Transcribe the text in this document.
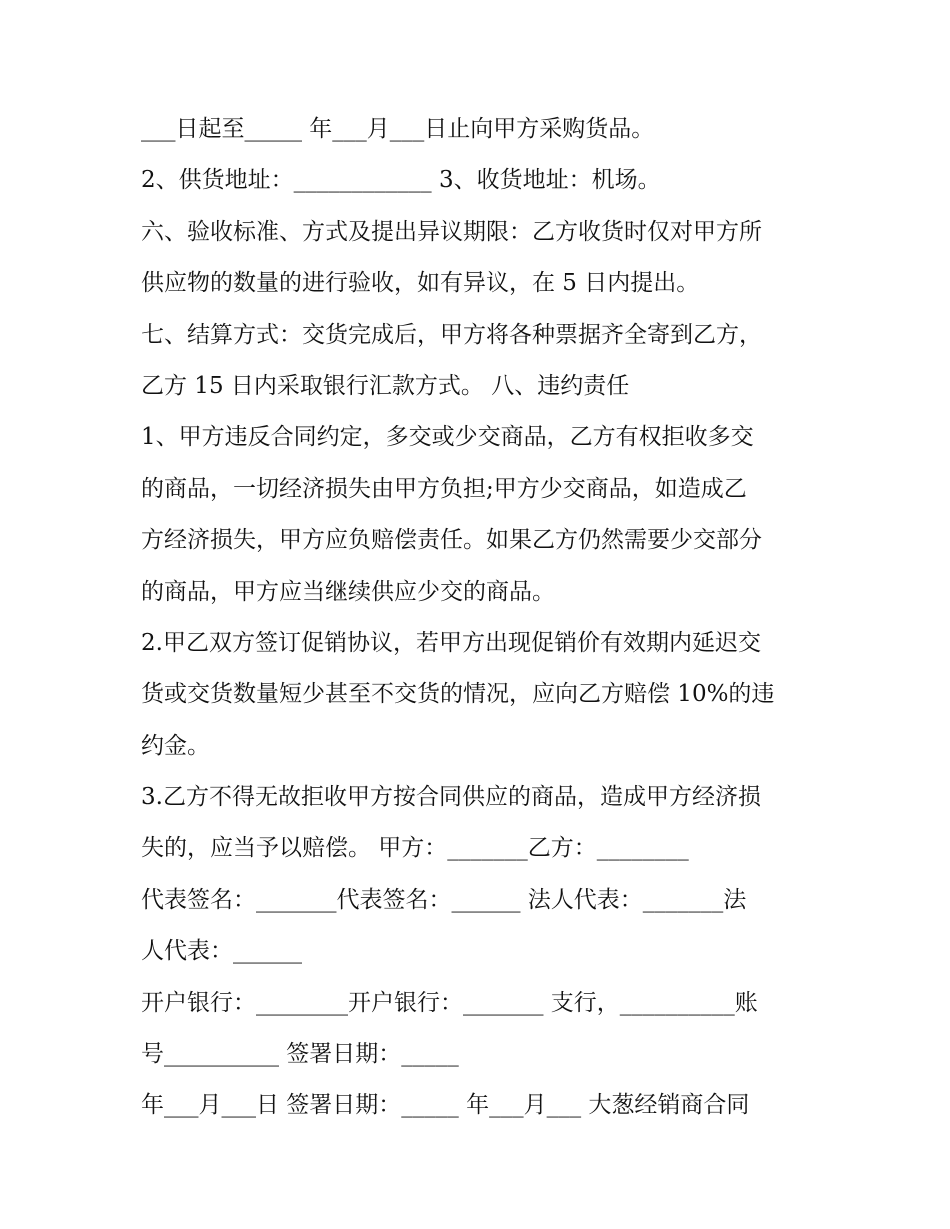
___日起至_____ 年___月___日止向甲方采购货品。
2、供货地址：____________ 3、收货地址：机场。
六、验收标准、方式及提出异议期限：乙方收货时仅对甲方所
供应物的数量的进行验收，如有异议，在 5 日内提出。
七、结算方式：交货完成后，甲方将各种票据齐全寄到乙方，
乙方 15 日内采取银行汇款方式。 八、违约责任
1、甲方违反合同约定，多交或少交商品，乙方有权拒收多交
的商品，一切经济损失由甲方负担;甲方少交商品，如造成乙
方经济损失，甲方应负赔偿责任。如果乙方仍然需要少交部分
的商品，甲方应当继续供应少交的商品。
2.甲乙双方签订促销协议，若甲方出现促销价有效期内延迟交
货或交货数量短少甚至不交货的情况，应向乙方赔偿 10%的违
约金。
3.乙方不得无故拒收甲方按合同供应的商品，造成甲方经济损
失的，应当予以赔偿。 甲方：_______乙方：________
代表签名：_______代表签名：______ 法人代表：_______法
人代表：______
开户银行：________开户银行：_______ 支行，__________账
号__________ 签署日期：_____
年___月___日 签署日期：_____ 年___月___ 大葱经销商合同
